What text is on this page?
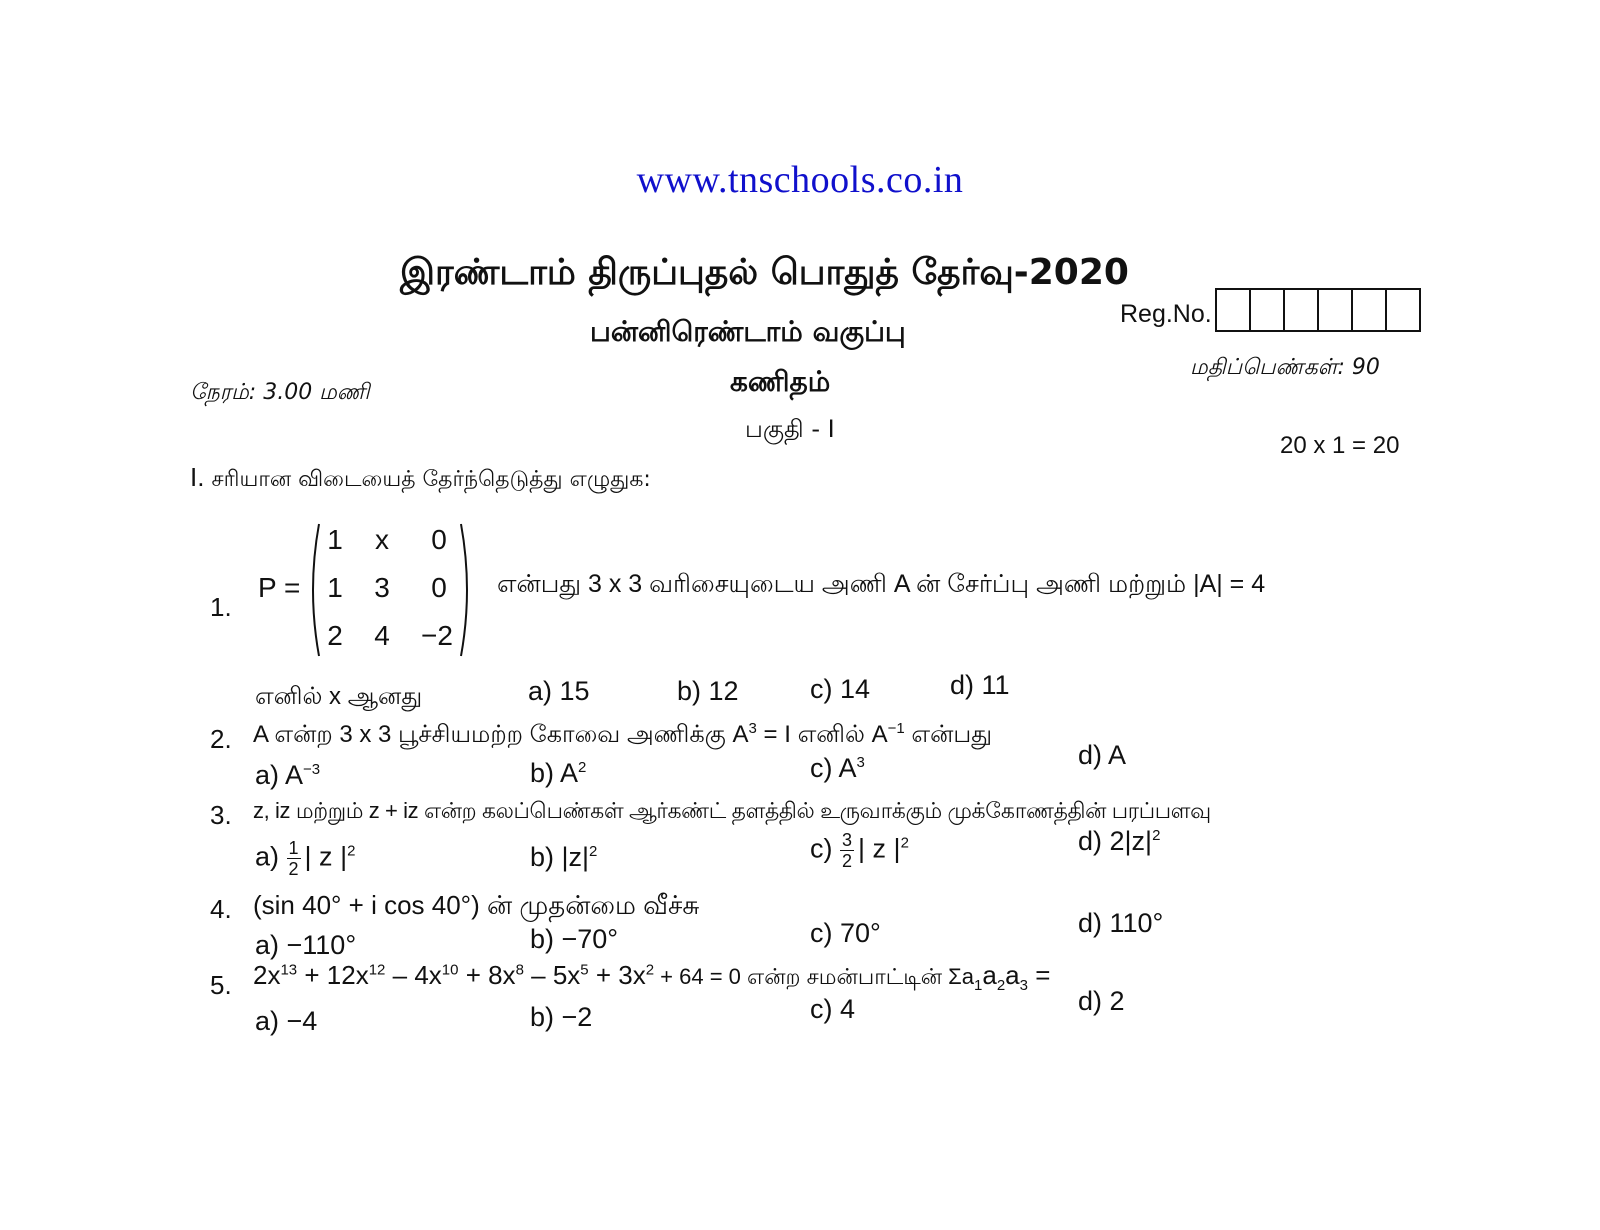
www.tnschools.co.in
இரண்டாம் திருப்புதல் பொதுத் தேர்வு-2020
பன்னிரெண்டாம் வகுப்பு
கணிதம்
பகுதி - I
Reg.No.
நேரம்: 3.00 மணி
மதிப்பெண்கள்: 90
20 x 1 = 20
I. சரியான விடையைத் தேர்ந்தெடுத்து எழுதுக:
1.
P =
1	x	0
1	3	0
2	4	−2
என்பது 3 x 3 வரிசையுடைய அணி A ன் சேர்ப்பு அணி மற்றும் |A| = 4
எனில் x ஆனது	a) 15	b) 12	c) 14	d) 11
2. A என்ற 3 x 3 பூச்சியமற்ற கோவை அணிக்கு $A^3 = I$ எனில் $A^{-1}$ என்பது
a) $A^{-3}$	b) $A^2$	c) $A^3$	d) A
3. z, iz மற்றும் z + iz என்ற கலப்பெண்கள் ஆர்கண்ட் தளத்தில் உருவாக்கும் முக்கோணத்தின் பரப்பளவு
$a) \frac{1}{2}$ | z $|^2$	b) $|z|^2$	$c) \frac{3}{2}$ | z $|^2$	d) $2|z|^2$
4. (sin 40° + i cos 40°) ன் முதன்மை வீச்சு
a) −110°	b) −70°	c) 70°	d) 110°
5. $2x^{13} + 12x^{12} - 4x^{10} + 8x^8 - 5x^5 + 3x^2 + 64 = 0$ என்ற சமன்பாட்டின் $\Sigma a_1a_2a_3$ =
a) −4	b) −2	c) 4	d) 2
